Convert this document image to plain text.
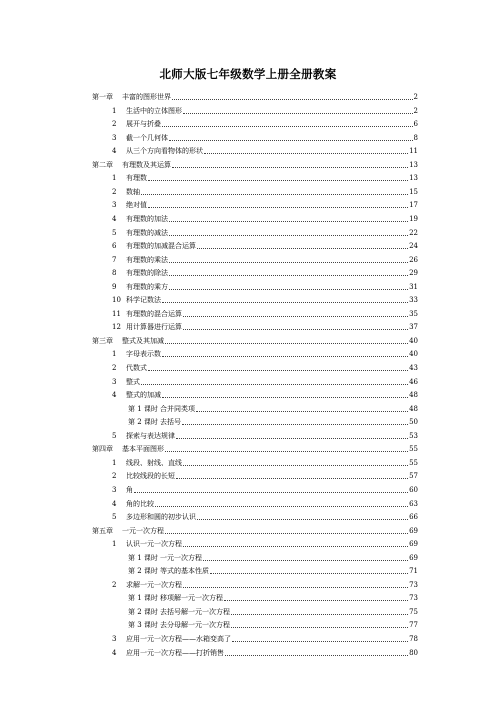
北师大版七年级数学上册全册教案
第一章	丰富的图形世界	2
1	生活中的立体图形	2
2	展开与折叠	6
3	截一个几何体	8
4	从三个方向看物体的形状	11
第二章	有理数及其运算	13
1	有理数	13
2	数轴	15
3	绝对值	17
4	有理数的加法	19
5	有理数的减法	22
6	有理数的加减混合运算	24
7	有理数的乘法	26
8	有理数的除法	29
9	有理数的乘方	31
10 科学记数法	33
11 有理数的混合运算	35
12 用计算器进行运算	37
第三章	整式及其加减	40
1	字母表示数	40
2	代数式	43
3	整式	46
4	整式的加减	48
第 1 课时 合并同类项	48
第 2 课时 去括号	50
5	探索与表达规律	53
第四章	基本平面图形	55
1	线段、射线、直线	55
2	比较线段的长短	57
3	角	60
4	角的比较	63
5	多边形和圆的初步认识	66
第五章	一元一次方程	69
1	认识一元一次方程	69
第 1 课时 一元一次方程	69
第 2 课时 等式的基本性质	71
2	求解一元一次方程	73
第 1 课时 移项解一元一次方程	73
第 2 课时 去括号解一元一次方程	75
第 3 课时 去分母解一元一次方程	77
3	应用一元一次方程——水箱变高了	78
4	应用一元一次方程——打折销售	80
